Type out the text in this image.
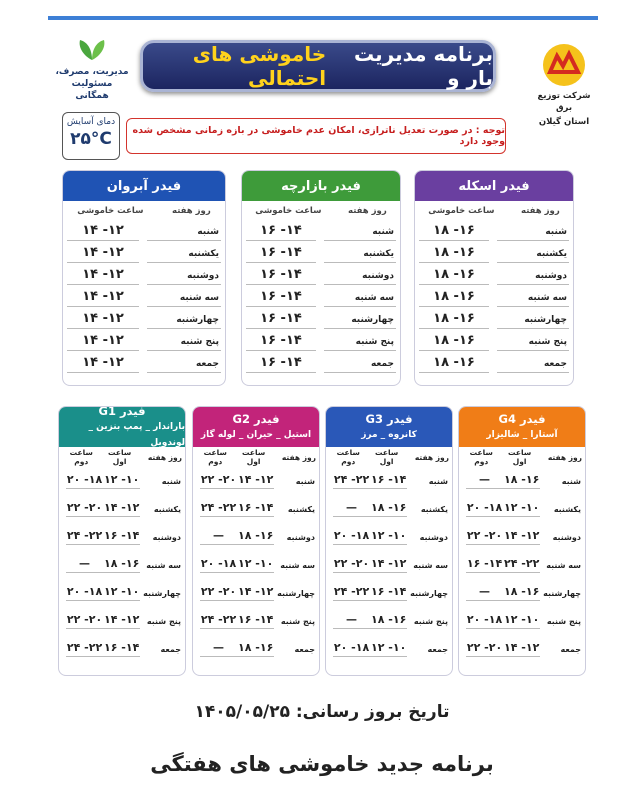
شرکت توزیع برق
استان گیلان
برنامه مدیریت بار و
خاموشی های احتمالی
مدیریت، مصرف،
مسئولیت همگانی
دمای آسایش
۲۵°C	توجه : در صورت تعدیل ناترازی، امکان عدم خاموشی در بازه زمانی مشخص شده وجود دارد
فیدر اسکله
روز هفته
ساعت خاموشی
شنبه
۱۶- ۱۸
یکشنبه
۱۶- ۱۸
دوشنبه
۱۶- ۱۸
سه شنبه
۱۶- ۱۸
چهارشنبه
۱۶- ۱۸
پنج شنبه
۱۶- ۱۸
جمعه
۱۶- ۱۸
فیدر بازارچه
روز هفته
ساعت خاموشی
شنبه
۱۴- ۱۶
یکشنبه
۱۴- ۱۶
دوشنبه
۱۴- ۱۶
سه شنبه
۱۴- ۱۶
چهارشنبه
۱۴- ۱۶
پنج شنبه
۱۴- ۱۶
جمعه
۱۴- ۱۶
فیدر آبروان
روز هفته
ساعت خاموشی
شنبه
۱۲- ۱۴
یکشنبه
۱۲- ۱۴
دوشنبه
۱۲- ۱۴
سه شنبه
۱۲- ۱۴
چهارشنبه
۱۲- ۱۴
پنج شنبه
۱۲- ۱۴
جمعه
۱۲- ۱۴
فیدر G4
آستارا _ شالیزار
روز هفته
ساعت اول
ساعت دوم
شنبه
۱۶- ۱۸
—
یکشنبه
۱۰- ۱۲
۱۸- ۲۰
دوشنبه
۱۲- ۱۴
۲۰- ۲۲
سه شنبه
۲۲- ۲۴
۱۴- ۱۶
چهارشنبه
۱۶- ۱۸
—
پنج شنبه
۱۰- ۱۲
۱۸- ۲۰
جمعه
۱۲- ۱۴
۲۰- ۲۲
فیدر G3
کانروه _ مرز
روز هفته
ساعت اول
ساعت دوم
شنبه
۱۴- ۱۶
۲۲- ۲۴
یکشنبه
۱۶- ۱۸
—
دوشنبه
۱۰- ۱۲
۱۸- ۲۰
سه شنبه
۱۲- ۱۴
۲۰- ۲۲
چهارشنبه
۱۴- ۱۶
۲۲- ۲۴
پنج شنبه
۱۶- ۱۸
—
جمعه
۱۰- ۱۲
۱۸- ۲۰
فیدر G2
استیل _ حیران _ لوله گاز
روز هفته
ساعت اول
ساعت دوم
شنبه
۱۲- ۱۴
۲۰- ۲۲
یکشنبه
۱۴- ۱۶
۲۲- ۲۴
دوشنبه
۱۶- ۱۸
—
سه شنبه
۱۰- ۱۲
۱۸- ۲۰
چهارشنبه
۱۲- ۱۴
۲۰- ۲۲
پنج شنبه
۱۴- ۱۶
۲۲- ۲۴
جمعه
۱۶- ۱۸
—
فیدر G1
باراندار _ پمپ بنزین _ لوندویل
روز هفته
ساعت اول
ساعت دوم
شنبه
۱۰- ۱۲
۱۸- ۲۰
یکشنبه
۱۲- ۱۴
۲۰- ۲۲
دوشنبه
۱۴- ۱۶
۲۲- ۲۴
سه شنبه
۱۶- ۱۸
—
چهارشنبه
۱۰- ۱۲
۱۸- ۲۰
پنج شنبه
۱۲- ۱۴
۲۰- ۲۲
جمعه
۱۴- ۱۶
۲۲- ۲۴
تاریخ بروز رسانی: ۱۴۰۵/۰۵/۲۵
برنامه جدید خاموشی های هفتگی
